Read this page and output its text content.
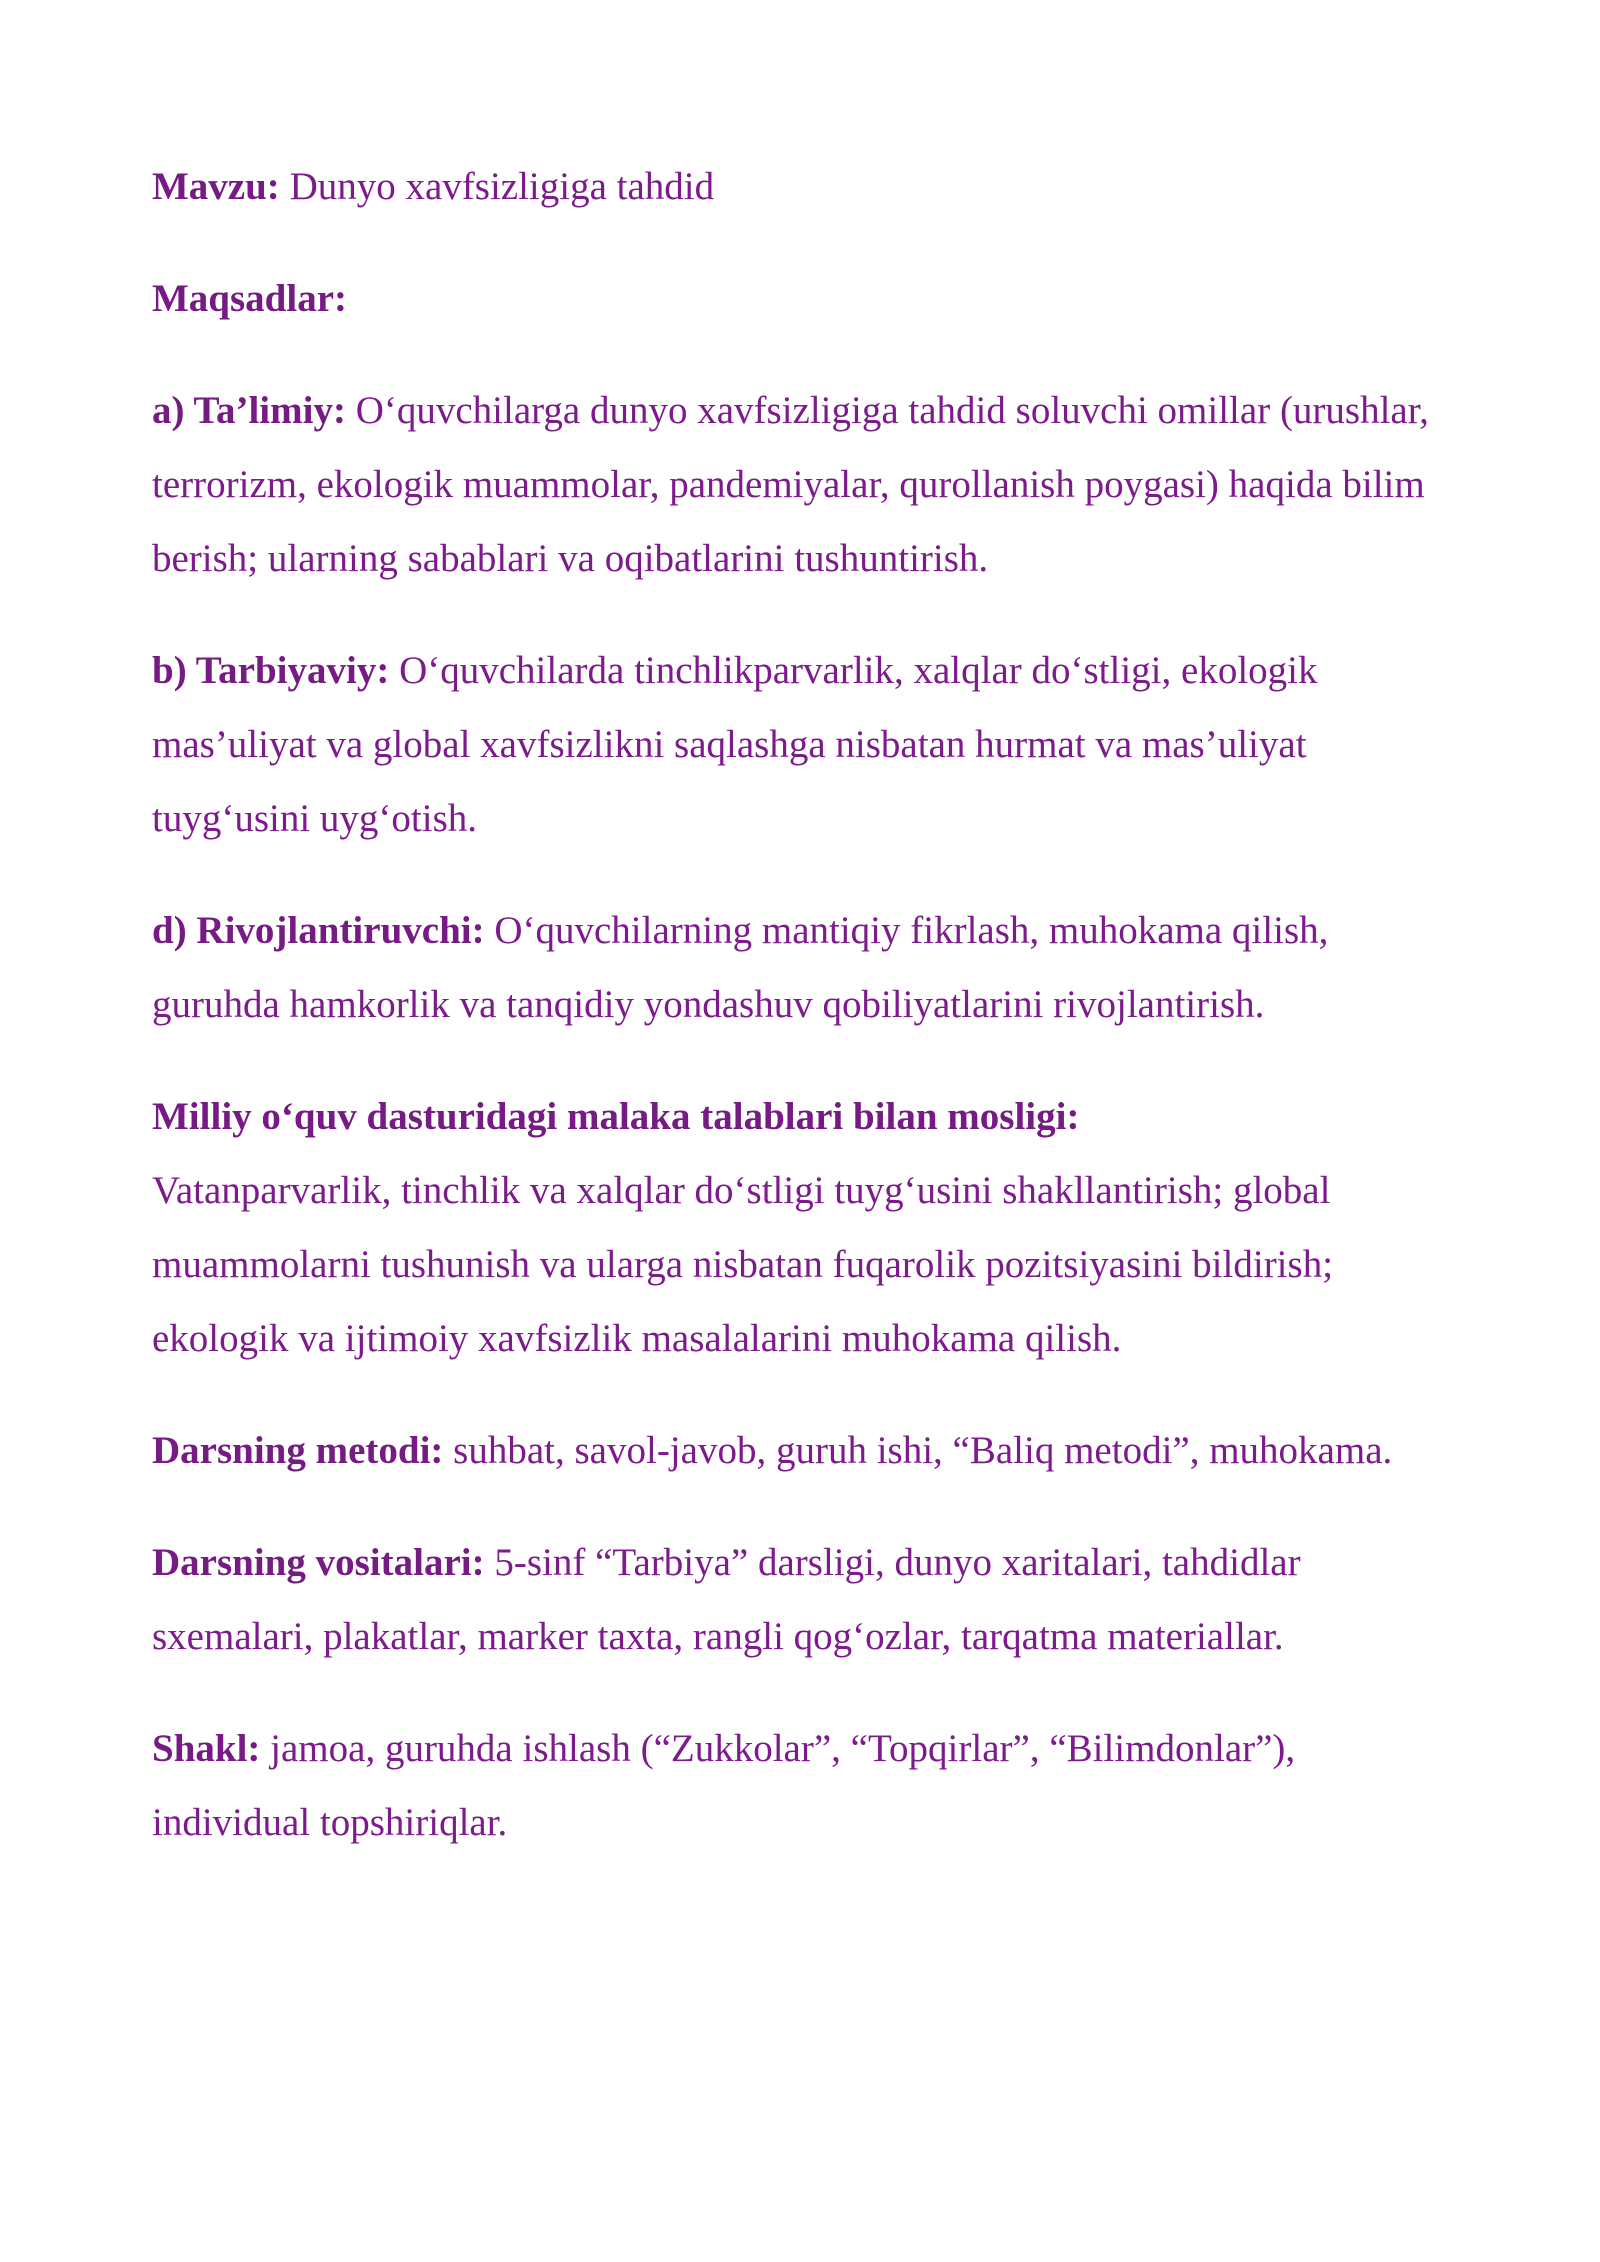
Mavzu: Dunyo xavfsizligiga tahdid

Maqsadlar:

a) Ta’limiy: O‘quvchilarga dunyo xavfsizligiga tahdid soluvchi omillar (urushlar, terrorizm, ekologik muammolar, pandemiyalar, qurollanish poygasi) haqida bilim berish; ularning sabablari va oqibatlarini tushuntirish.

b) Tarbiyaviy: O‘quvchilarda tinchlikparvarlik, xalqlar do‘stligi, ekologik mas’uliyat va global xavfsizlikni saqlashga nisbatan hurmat va mas’uliyat tuyg‘usini uyg‘otish.

d) Rivojlantiruvchi: O‘quvchilarning mantiqiy fikrlash, muhokama qilish, guruhda hamkorlik va tanqidiy yondashuv qobiliyatlarini rivojlantirish.

Milliy o‘quv dasturidagi malaka talablari bilan mosligi:

Vatanparvarlik, tinchlik va xalqlar do‘stligi tuyg‘usini shakllantirish; global muammolarni tushunish va ularga nisbatan fuqarolik pozitsiyasini bildirish; ekologik va ijtimoiy xavfsizlik masalalarini muhokama qilish.

Darsning metodi: suhbat, savol-javob, guruh ishi, “Baliq metodi”, muhokama.

Darsning vositalari: 5-sinf “Tarbiya” darsligi, dunyo xaritalari, tahdidlar sxemalari, plakatlar, marker taxta, rangli qog‘ozlar, tarqatma materiallar.

Shakl: jamoa, guruhda ishlash (“Zukkolar”, “Topqirlar”, “Bilimdonlar”), individual topshiriqlar.
